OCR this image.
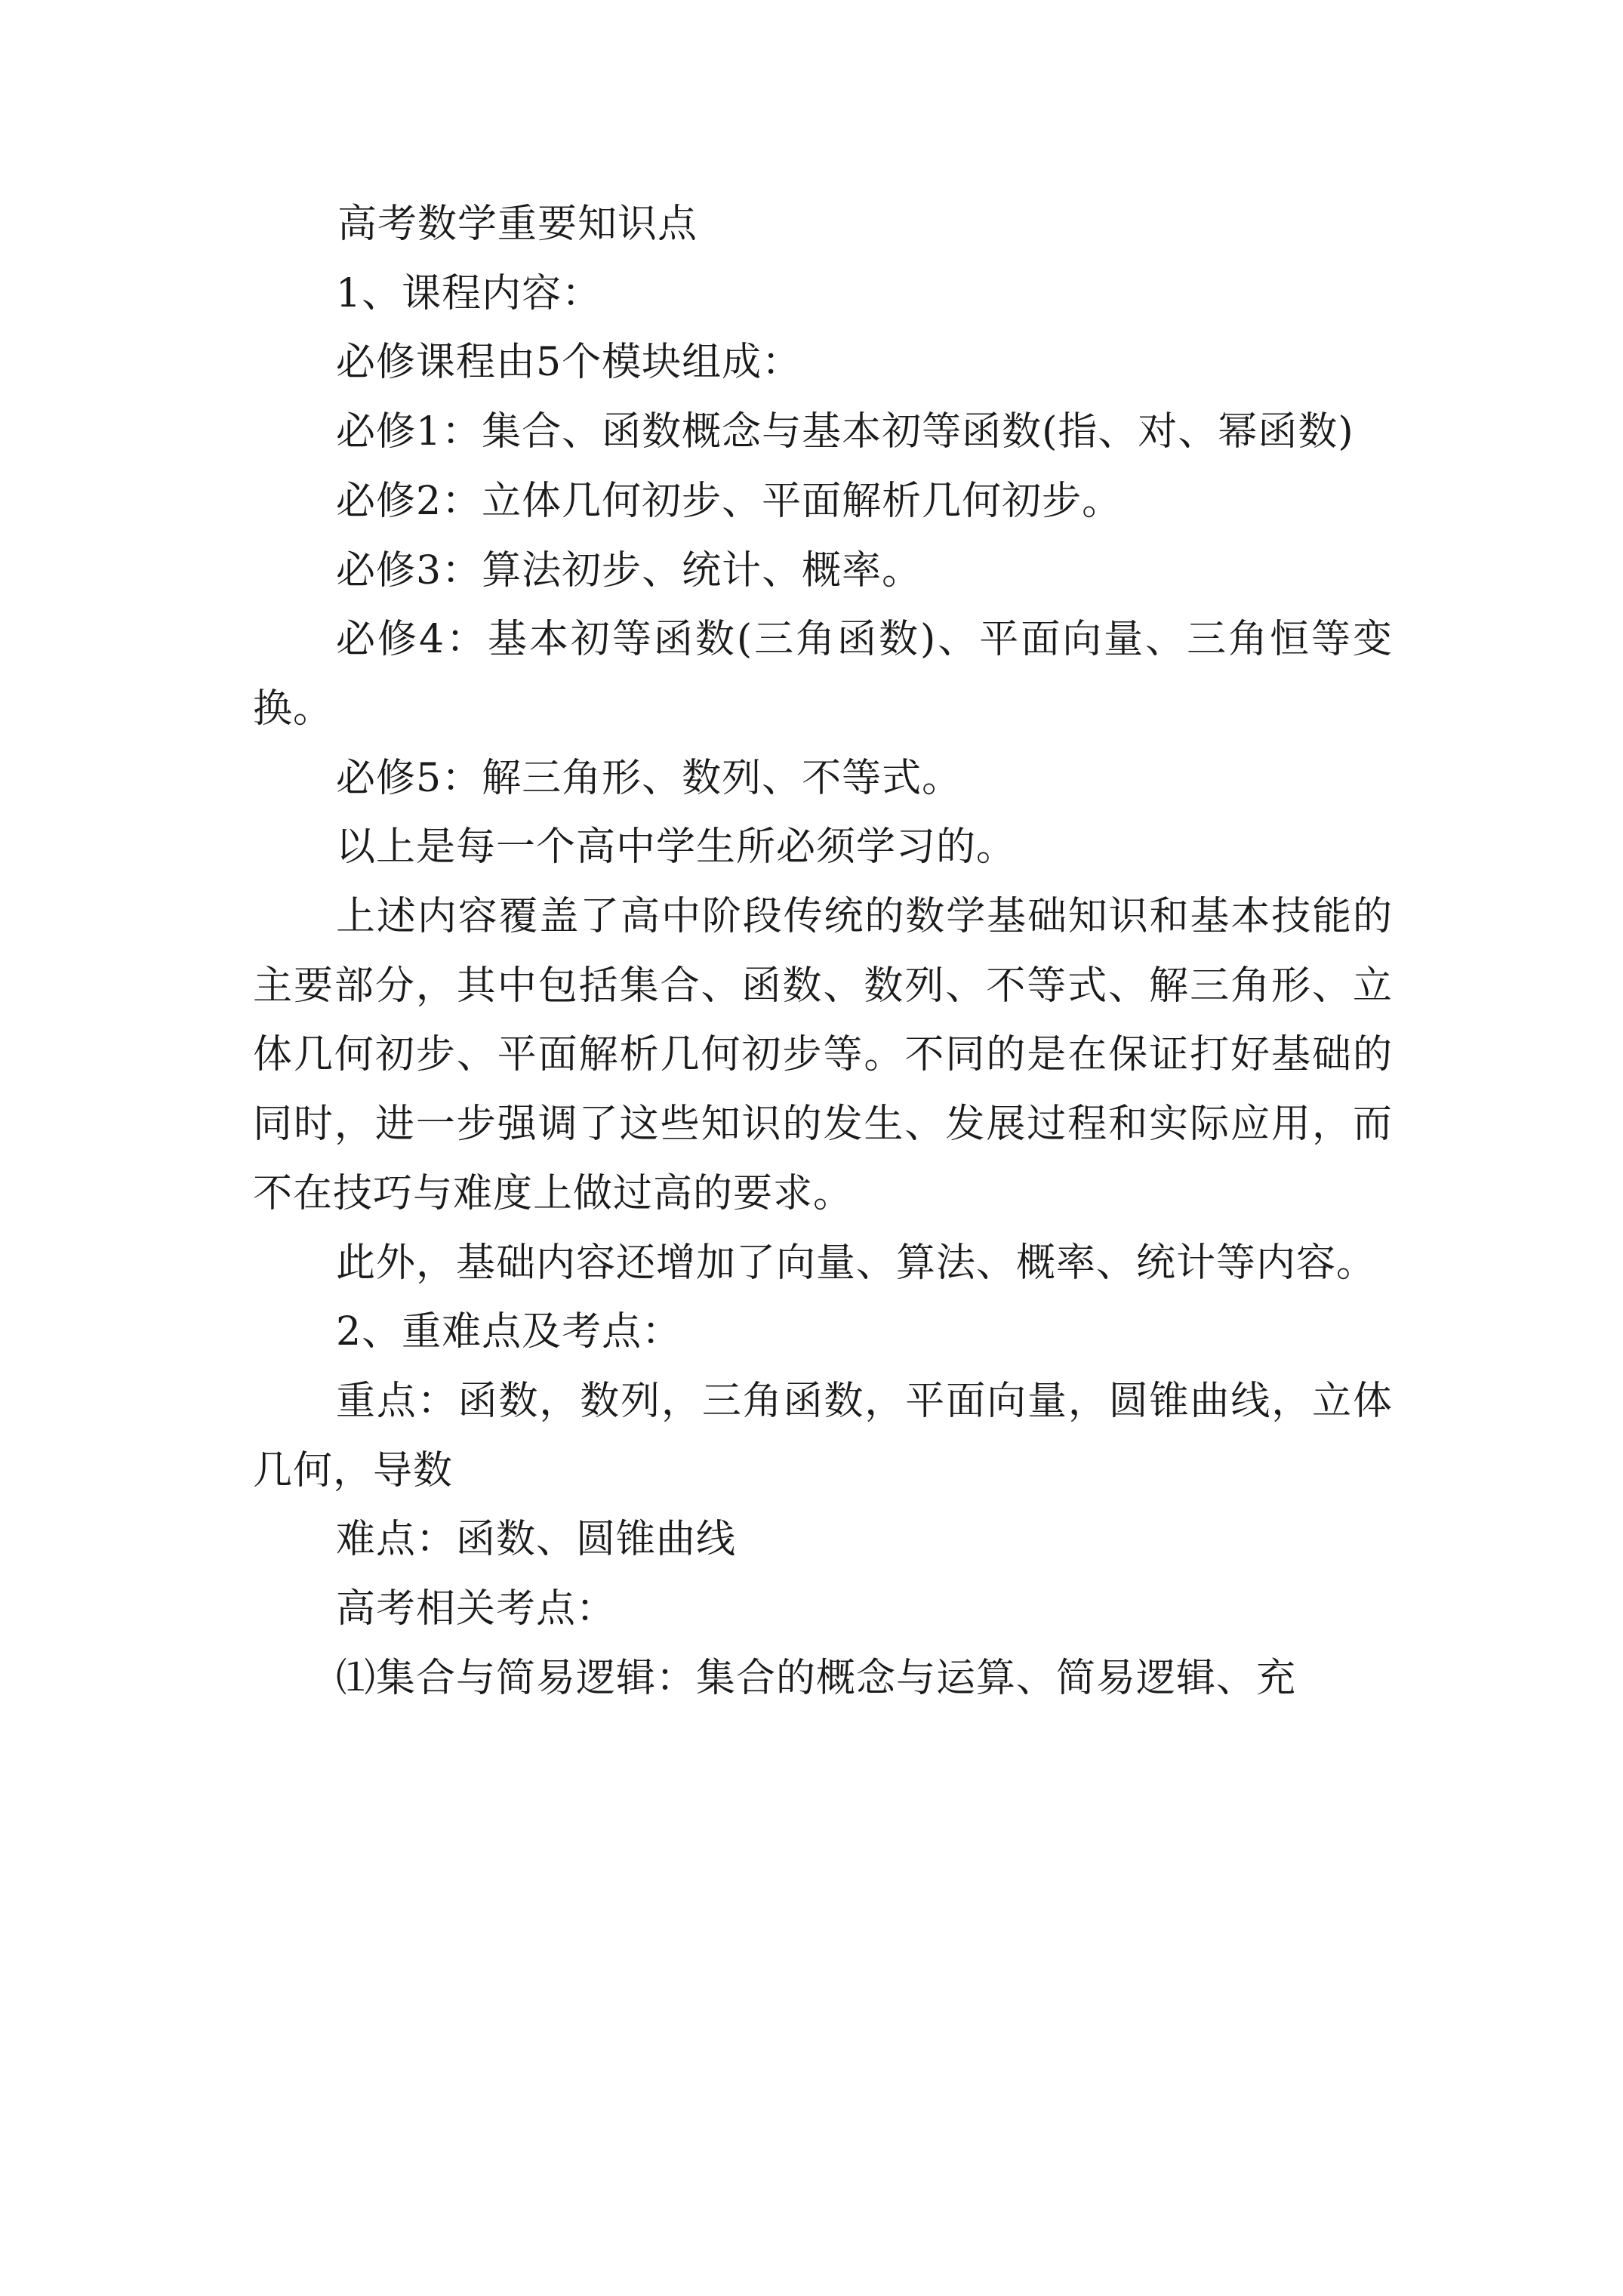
高考数学重要知识点

1、课程内容：

必修课程由5个模块组成：

必修1：集合、函数概念与基本初等函数(指、对、幂函数)

必修2：立体几何初步、平面解析几何初步。

必修3：算法初步、统计、概率。

必修4：基本初等函数(三角函数)、平面向量、三角恒等变换。

必修5：解三角形、数列、不等式。

以上是每一个高中学生所必须学习的。

上述内容覆盖了高中阶段传统的数学基础知识和基本技能的主要部分，其中包括集合、函数、数列、不等式、解三角形、立体几何初步、平面解析几何初步等。不同的是在保证打好基础的同时，进一步强调了这些知识的发生、发展过程和实际应用，而不在技巧与难度上做过高的要求。

此外，基础内容还增加了向量、算法、概率、统计等内容。

2、重难点及考点：

重点：函数，数列，三角函数，平面向量，圆锥曲线，立体几何，导数

难点：函数、圆锥曲线

高考相关考点：

⑴集合与简易逻辑：集合的概念与运算、简易逻辑、充
